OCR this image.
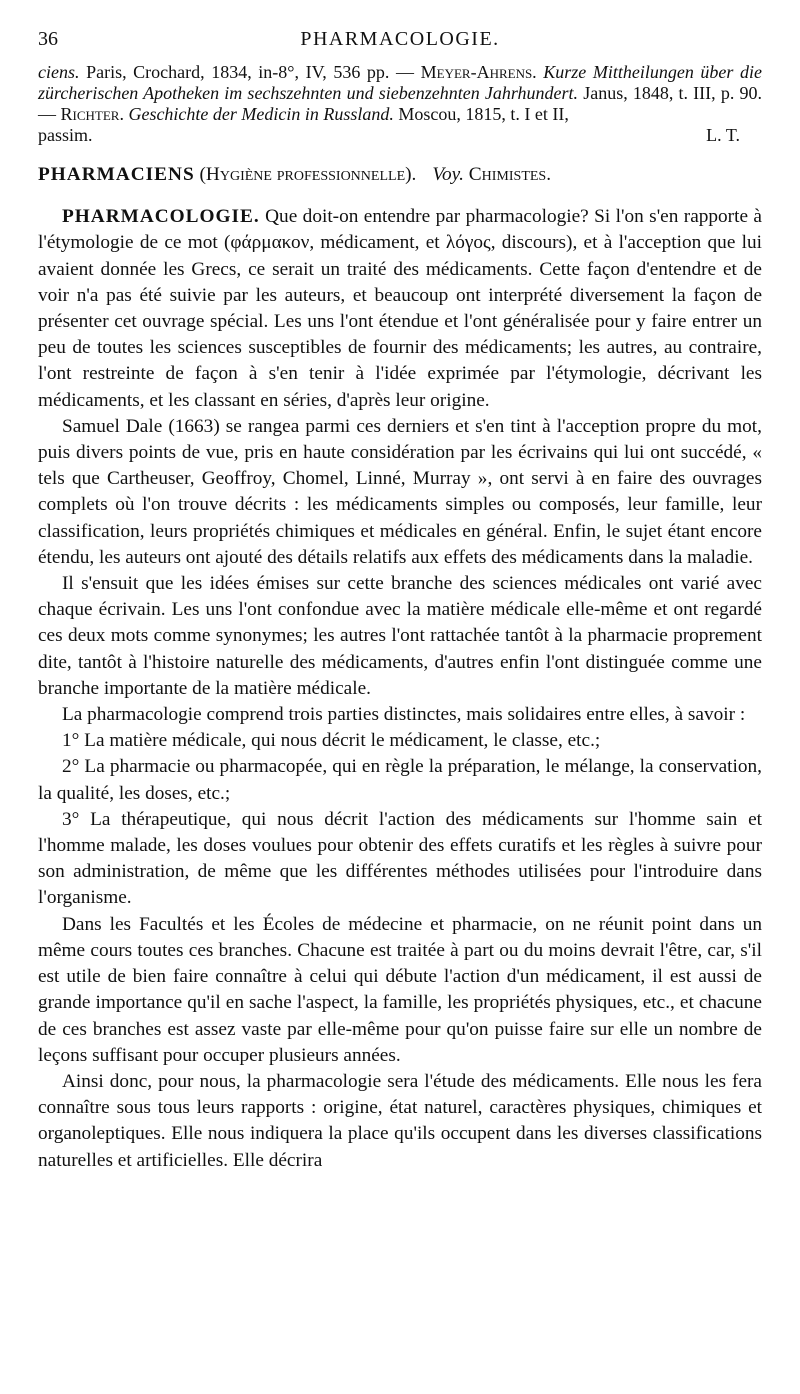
36	PHARMACOLOGIE.
ciens. Paris, Crochard, 1834, in-8°, IV, 536 pp. — Meyer-Ahrens. Kurze Mittheilungen über die zürcherischen Apotheken im sechszehnten und siebenzehnten Jahrhundert. Janus, 1848, t. III, p. 90. — Richter. Geschichte der Medicin in Russland. Moscou, 1815, t. I et II,
passim.	L. T.
PHARMACIENS (Hygiène professionnelle). Voy. Chimistes.

PHARMACOLOGIE. Que doit-on entendre par pharmacologie? Si l'on s'en rapporte à l'étymologie de ce mot (φάρμακον, médicament, et λόγος, discours), et à l'acception que lui avaient donnée les Grecs, ce serait un traité des médicaments. Cette façon d'entendre et de voir n'a pas été suivie par les auteurs, et beaucoup ont interprété diversement la façon de présenter cet ouvrage spécial. Les uns l'ont étendue et l'ont généralisée pour y faire entrer un peu de toutes les sciences susceptibles de fournir des médicaments; les autres, au contraire, l'ont restreinte de façon à s'en tenir à l'idée exprimée par l'étymologie, décrivant les médicaments, et les classant en séries, d'après leur origine.

Samuel Dale (1663) se rangea parmi ces derniers et s'en tint à l'acception propre du mot, puis divers points de vue, pris en haute considération par les écrivains qui lui ont succédé, « tels que Cartheuser, Geoffroy, Chomel, Linné, Murray », ont servi à en faire des ouvrages complets où l'on trouve décrits : les médicaments simples ou composés, leur famille, leur classification, leurs propriétés chimiques et médicales en général. Enfin, le sujet étant encore étendu, les auteurs ont ajouté des détails relatifs aux effets des médicaments dans la maladie.

Il s'ensuit que les idées émises sur cette branche des sciences médicales ont varié avec chaque écrivain. Les uns l'ont confondue avec la matière médicale elle-même et ont regardé ces deux mots comme synonymes; les autres l'ont rattachée tantôt à la pharmacie proprement dite, tantôt à l'histoire naturelle des médicaments, d'autres enfin l'ont distinguée comme une branche importante de la matière médicale.

La pharmacologie comprend trois parties distinctes, mais solidaires entre elles, à savoir :

1° La matière médicale, qui nous décrit le médicament, le classe, etc.;

2° La pharmacie ou pharmacopée, qui en règle la préparation, le mélange, la conservation, la qualité, les doses, etc.;

3° La thérapeutique, qui nous décrit l'action des médicaments sur l'homme sain et l'homme malade, les doses voulues pour obtenir des effets curatifs et les règles à suivre pour son administration, de même que les différentes méthodes utilisées pour l'introduire dans l'organisme.

Dans les Facultés et les Écoles de médecine et pharmacie, on ne réunit point dans un même cours toutes ces branches. Chacune est traitée à part ou du moins devrait l'être, car, s'il est utile de bien faire connaître à celui qui débute l'action d'un médicament, il est aussi de grande importance qu'il en sache l'aspect, la famille, les propriétés physiques, etc., et chacune de ces branches est assez vaste par elle-même pour qu'on puisse faire sur elle un nombre de leçons suffisant pour occuper plusieurs années.

Ainsi donc, pour nous, la pharmacologie sera l'étude des médicaments. Elle nous les fera connaître sous tous leurs rapports : origine, état naturel, caractères physiques, chimiques et organoleptiques. Elle nous indiquera la place qu'ils occupent dans les diverses classifications naturelles et artificielles. Elle décrira
